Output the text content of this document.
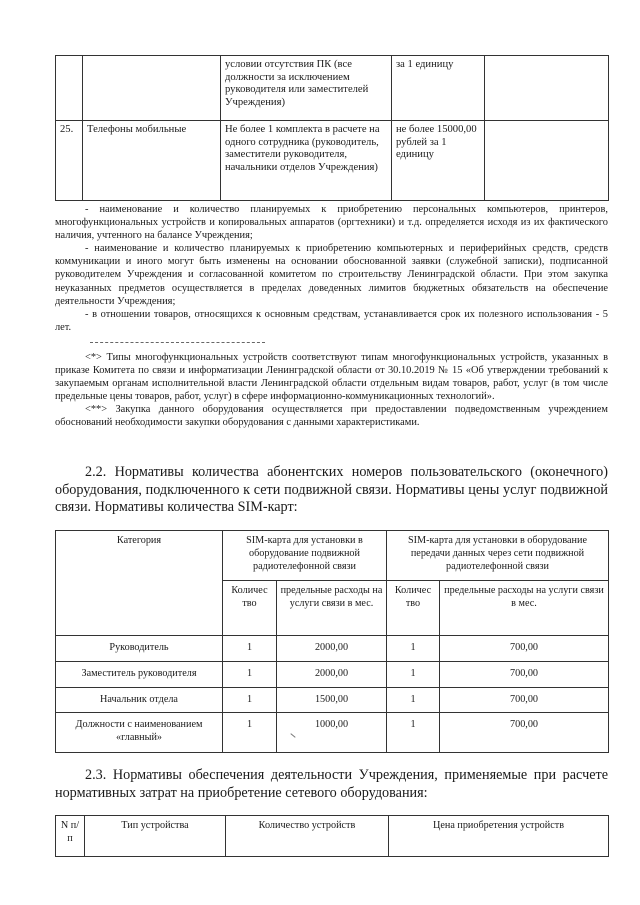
		условии отсутствия ПК (все должности за исключением руководителя или заместителей Учреждения)	за 1 единицу	
25.	Телефоны мобильные	Не более 1 комплекта в расчете на одного сотрудника (руководитель, заместители руководителя, начальники отделов Учреждения)	не более 15000,00 рублей за 1 единицу	

- наименование и количество планируемых к приобретению персональных компьютеров, принтеров, многофункциональных устройств и копировальных аппаратов (оргтехники) и т.д. определяется исходя из их фактического наличия, учтенного на балансе Учреждения;

- наименование и количество планируемых к приобретению компьютерных и периферийных средств, средств коммуникации и иного могут быть изменены на основании обоснованной заявки (служебной записки), подписанной руководителем Учреждения и согласованной комитетом по строительству Ленинградской области. При этом закупка неуказанных предметов осуществляется в пределах доведенных лимитов бюджетных обязательств на обеспечение деятельности Учреждения;

- в отношении товаров, относящихся к основным средствам, устанавливается срок их полезного использования - 5 лет.

<*> Типы многофункциональных устройств соответствуют типам многофункциональных устройств, указанных в приказе Комитета по связи и информатизации Ленинградской области от 30.10.2019 № 15 «Об утверждении требований к закупаемым органам исполнительной власти Ленинградской области отдельным видам товаров, работ, услуг (в том числе предельные цены товаров, работ, услуг) в сфере информационно-коммуникационных технологий».

<**> Закупка данного оборудования осуществляется при предоставлении подведомственным учреждением обоснований необходимости закупки оборудования с данными характеристиками.

2.2. Нормативы количества абонентских номеров пользовательского (оконечного) оборудования, подключенного к сети подвижной связи. Нормативы цены услуг подвижной связи. Нормативы количества SIM-карт:

Категория	SIM-карта для установки в оборудование подвижной радиотелефонной связи		SIM-карта для установки в оборудование передачи данных через сети подвижной радиотелефонной связи	
	Количес тво	предельные расходы на услуги связи в мес.	Количес тво	предельные расходы на услуги связи в мес.
Руководитель	1	2000,00	1	700,00
Заместитель руководителя	1	2000,00	1	700,00
Начальник отдела	1	1500,00	1	700,00
Должности с наименованием «главный»	1	1000,00	1	700,00

2.3. Нормативы обеспечения деятельности Учреждения, применяемые при расчете нормативных затрат на приобретение сетевого оборудования:

N п/п	Тип устройства	Количество устройств	Цена приобретения устройств
